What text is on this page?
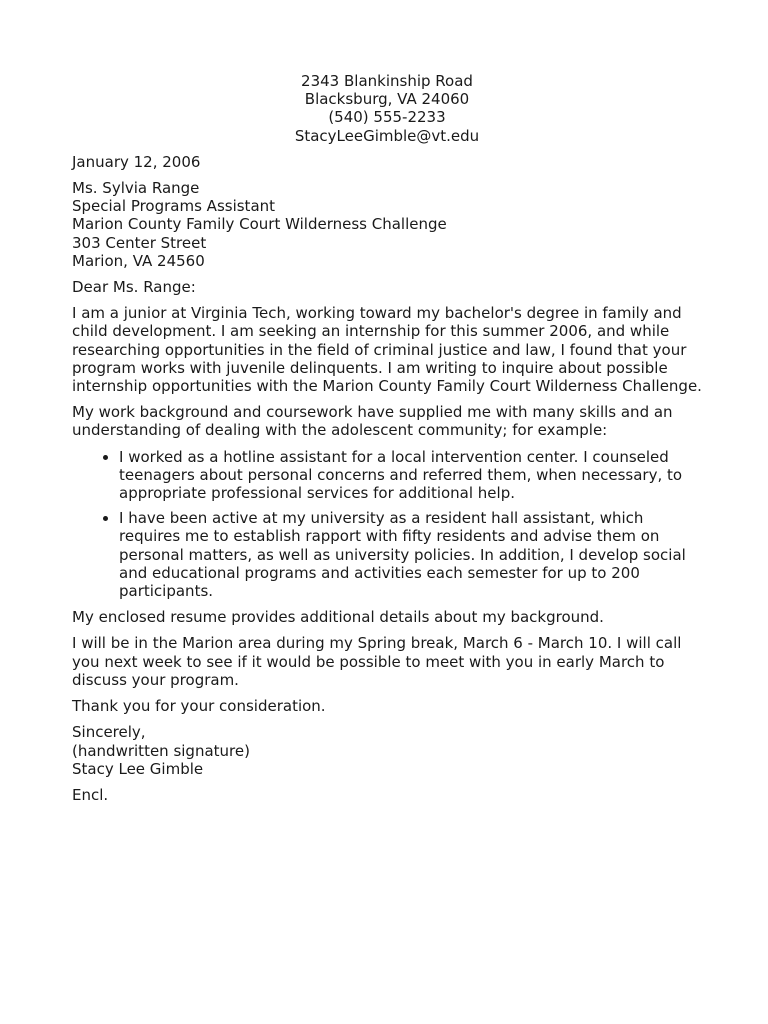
2343 Blankinship Road
Blacksburg, VA 24060
(540) 555-2233
StacyLeeGimble@vt.edu

January 12, 2006

Ms. Sylvia Range
Special Programs Assistant
Marion County Family Court Wilderness Challenge
303 Center Street
Marion, VA 24560

Dear Ms. Range:

I am a junior at Virginia Tech, working toward my bachelor's degree in family and child development. I am seeking an internship for this summer 2006, and while researching opportunities in the field of criminal justice and law, I found that your program works with juvenile delinquents. I am writing to inquire about possible internship opportunities with the Marion County Family Court Wilderness Challenge.

My work background and coursework have supplied me with many skills and an understanding of dealing with the adolescent community; for example:

• I worked as a hotline assistant for a local intervention center. I counseled teenagers about personal concerns and referred them, when necessary, to appropriate professional services for additional help.
• I have been active at my university as a resident hall assistant, which requires me to establish rapport with fifty residents and advise them on personal matters, as well as university policies. In addition, I develop social and educational programs and activities each semester for up to 200 participants.

My enclosed resume provides additional details about my background.

I will be in the Marion area during my Spring break, March 6 - March 10. I will call you next week to see if it would be possible to meet with you in early March to discuss your program.

Thank you for your consideration.

Sincerely,
(handwritten signature)
Stacy Lee Gimble

Encl.
